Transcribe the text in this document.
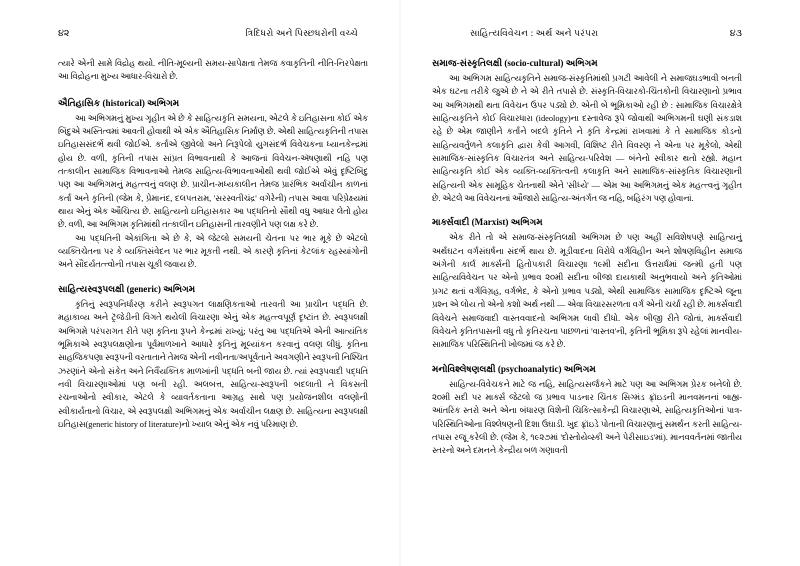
૪૨	ત્રિદિધરો અને પિસ્છધરોની વચ્ચે

ત્યારે એની સામે વિદ્રોહ થયો. નીતિ-મૂલ્યની સમય-સાપેક્ષતા તેમજ કવાકૃતિની નીતિ-નિરપેક્ષતા આ વિદ્રોહના મુખ્ય આધાર-વિચારો છે.

ઐતિહાસિક (historical) અભિગમ

આ અભિગમનું મુખ્ય ગૃહીત એ છે કે સાહિત્યકૃતિ સમયના, એટલે કે ઇતિહાસના કોઈ એક બિંદુએ અસ્તિત્વમાં આવતી હોવાથી એ એક ઐતિહાસિક નિર્માણ છે. એથી સાહિત્યકૃતિની તપાસ ઇતિહાસસંદર્ભે થવી જોઈએ. કર્તાએ જીવેલો અને નિરૂપેલો યુગસંદર્ભ વિવેચકના ધ્યાનકેન્દ્રમાં હોય છે. વળી, કૃતિની તપાસ સાંપ્રત વિભાવનાથી કે આજનાં વિવેચન-ઍષણાથી નહિ પણ તત્કાલીન સામાજિક વિભાવનાઓ તેમજ સાહિત્ય-વિભાવનાઓથી થવી જોઈએ એવું દૃષ્ટિબિંદુ પણ આ અભિગમનું મહત્ત્વનું વલણ છે. પ્રાચીન-મધ્યકાલીન તેમજ પ્રારંભિક અર્વાચીન કાળનાં કર્તા અને કૃતિની (જેમ કે, પ્રેમાનંદ, દલપતરામ, 'સરસ્વતીચંદ્ર' વગેરેની) તપાસ આવા પરિપ્રેક્ષ્યમાં થાય એનું એક ઔચિત્ય છે. સાહિત્યનો ઇતિહાસકાર આ પદ્ધતિનો સૌથી વધુ આધાર લેતો હોય છે. વળી, આ અભિગમ કૃતિમાંથી તત્કાલીન ઇતિહાસની તારવણીને પણ લક્ષ કરે છે.

આ પદ્ધતિની એકાંગિતા એ છે કે, એ જેટલો સમયની ચેતના પર ભાર મૂકે છે એટલો વ્યક્તિચેતના પર કે વ્યક્તિસંવેદન પર ભાર મૂકતી નથી. એ કારણે કૃતિનાં કેટલાંક રહસ્યાંગોની અને સૌંદર્યતત્ત્વોની તપાસ ચૂકી જવાય છે.

સાહિત્યસ્વરૂપલક્ષી (generic) અભિગમ

કૃતિનું સ્વરૂપનિર્ધારણ કરીને સ્વરૂપગત લાક્ષણિકતાઓ તારવતી આ પ્રાચીન પદ્ધતિ છે. મહાકાવ્ય અને ટ્રૅજેડીની વિગતે થયેલી વિચારણા એનું એક મહત્ત્વપૂર્ણ દૃષ્ટાંત છે. સ્વરૂપલક્ષી અભિગમે પરંપરાગત રીતે પણ કૃતિના રૂપને કેન્દ્રમાં રાખ્યું; પરંતુ આ પદ્ધતિએ એની આત્યંતિક ભૂમિકાએ સ્વરૂપલક્ષણોના પૂર્વમાળખાને આધારે કૃતિનું મૂલ્યાંકન કરવાનું વલણ લીધું. કૃતિના સાહજિકપણા સ્વરૂપની વરતાતાને તેમજ એની નવીનતા/અપૂર્વતાને અવગણીને સ્વરૂપની નિશ્ચિત ઝરણાંને એનો સંકેત અને નિર્વૈયક્તિક માળખાંની પદ્ધતિ બની જાય છે. ત્યાં સ્વરૂપવાદી પદ્ધતિ નવી વિચારણાઓમાં પણ બની રહી. અલબત્ત, સાહિત્ય-સ્વરૂપની બદલાતી ને વિકસતી રચનાઓનો સ્વીકાર, એટલે કે વ્યાવર્તકતાના આગ્રહ સાથે પણ પ્રયોજનશીલ વલણોની સ્વીકાર્યતાનો વિચાર, એ સ્વરૂપલક્ષી અભિગમનું એક અર્વાચીન લક્ષણ છે. સાહિત્યના સ્વરૂપલક્ષી ઇતિહાસ(generic history of literature)નો ખ્યાલ એનું એક નવું પરિમાણ છે.

સાહિત્યવિવેચન : અર્થ અને પરંપરા	૪૩
સમાજ-સંસ્કૃતિલક્ષી (socio-cultural) અભિગમ

આ અભિગમ સાહિત્યકૃતિને સમાજ-સંસ્કૃતિમાંથી પ્રગટી આવેલી ને સમાજઘડભાવી બનતી એક ઘટના તરીકે જુએ છે ને એ રીતે તપાસે છે. સંસ્કૃતિ-વિચારકો-ચિંતકોની વિચારણાનો પ્રભાવ આ અભિગમથી થતા વિવેચન ઉપર પડ્યો છે. એની બે ભૂમિકાઓ રહી છે : સામાજિક વિચારક્ષેત્રે સાહિત્યકૃતિને કોઈ વિચારધારા (ideology)ના દસ્તાવેજ રૂપે જોવાથી અભિગમની ઘણી સંકડાશ રહે છે એમ જાણીને કર્તાને બદલે કૃતિને ને કૃતિ કેન્દ્રમાં રાખવામાં કે તે સામાજિક કોડનો સાહિત્યવર્તુળને કલાકૃતિ દ્વારા કેવી આગવી, વિશિષ્ટ રીતે વિવરણ ને એના પર મૂકેલો, એથી સામાજિક-સાંસ્કૃતિક વિચારતંત્ર અને સાહિત્ય-પરિવેશ — બંનેનો સ્વીકાર થતો રહ્યો. મહાન સાહિત્યકૃતિ કોઈ એક વ્યક્તિ-વ્યક્તિત્વની કલાકૃતિ અને સામાજિક-સાંસ્કૃતિક વિચારણાની સહિત્યની એક સામૂહિક ચેતનાથી એને 'સીધ્યે' — એમ આ અભિગમનું એક મહત્ત્વનું ગૃહીત છે. એટલે આ વિવેચનનાં ઔજારો સાહિત્ય-અંતર્ગત જ નહિ, બહિરંગ પણ હોવાનાં.

માર્ક્સવાદી (Marxist) અભિગમ

એક રીતે તો એ સમાજ-સંસ્કૃતિલક્ષી અભિગમ છે પણ અહીં સવિશેષપણે સાહિત્યનું અર્થઘટન વર્ગસંઘર્ષના સંદર્ભે થાય છે. મૂડીવાદના વિરોધે વર્ગવિહીન અને શોષણવિહીન સમાજ અંગેની કાર્લ માર્ક્સની હિતોપકારી વિચારણા ૧૯મી સદીના ઉત્તરાર્ધમાં જન્મી હતી પણ સાહિત્યવિવેચન પર એનો પ્રભાવ ૨૦મી સદીના બીજા દાયકાથી અનુભવાયો અને કૃતિઓમાં પ્રગટ થતાં વર્ગવિગ્રહ, વર્ગભેદ, કે એનો પ્રભાવ પડ્યો, એથી સામાજિક સામાજિક દૃષ્ટિએ જૂના પ્રશ્ન એ લોય તો એનો કશો અર્થ નથી — એવા વિચારસરળતા વર્ગ એની ચર્ચા રહી છે. માર્ક્સવાદી વિવેચને સમાજવાદી વાસ્તવવાદનો અભિગમ લાવી દીધો. એક બીજી રીતે જોતાં, માર્ક્સવાદી વિવેચને કૃતિતપાસની વધુ તો કૃતિરચના પાછળનાં 'વાસ્તવ'ની, કૃતિની ભૂમિકા રૂપે રહેલાં માનવીય-સામાજિક પરિસ્થિતિની ખોજમાં જ કરે છે.

મનોવિશ્લેષણલક્ષી (psychoanalytic) અભિગમ

સાહિત્ય-વિવેચકને માટે જ નહિ, સાહિત્યસર્જકને માટે પણ આ અભિગમ પ્રેરક બનેલો છે. ૨૦મી સદી પર માર્ક્સ જેટલો જ પ્રભાવ પાડનાર ચિંતક સિગ્મંડ ફ્રૉઇડની માનવમનનાં બાહ્ય-આંતરિક સ્તરો અને એના બંધારણ વિશેની ચિકિત્સાકેન્દ્રી વિચારણાએ, સાહિત્યકૃતિઓનાં પાત્ર-પરિસ્થિતિઓના વિશ્લેષણની દિશા ઉઘાડી. ખુદ ફ્રૉઇડે પોતાની વિચારણાનું સમર્થન કરતી સાહિત્ય-તપાસ રજૂ કરેલી છે. (જેમ કે, ૧૯૨૭માં 'દોસ્તોયેવ્સ્કી અને પેરીસાઇડ'માં). માનવવર્તનમાં જાતીય સ્તરનો અને દમનને કેન્દ્રીય બળ ગણાવતી
